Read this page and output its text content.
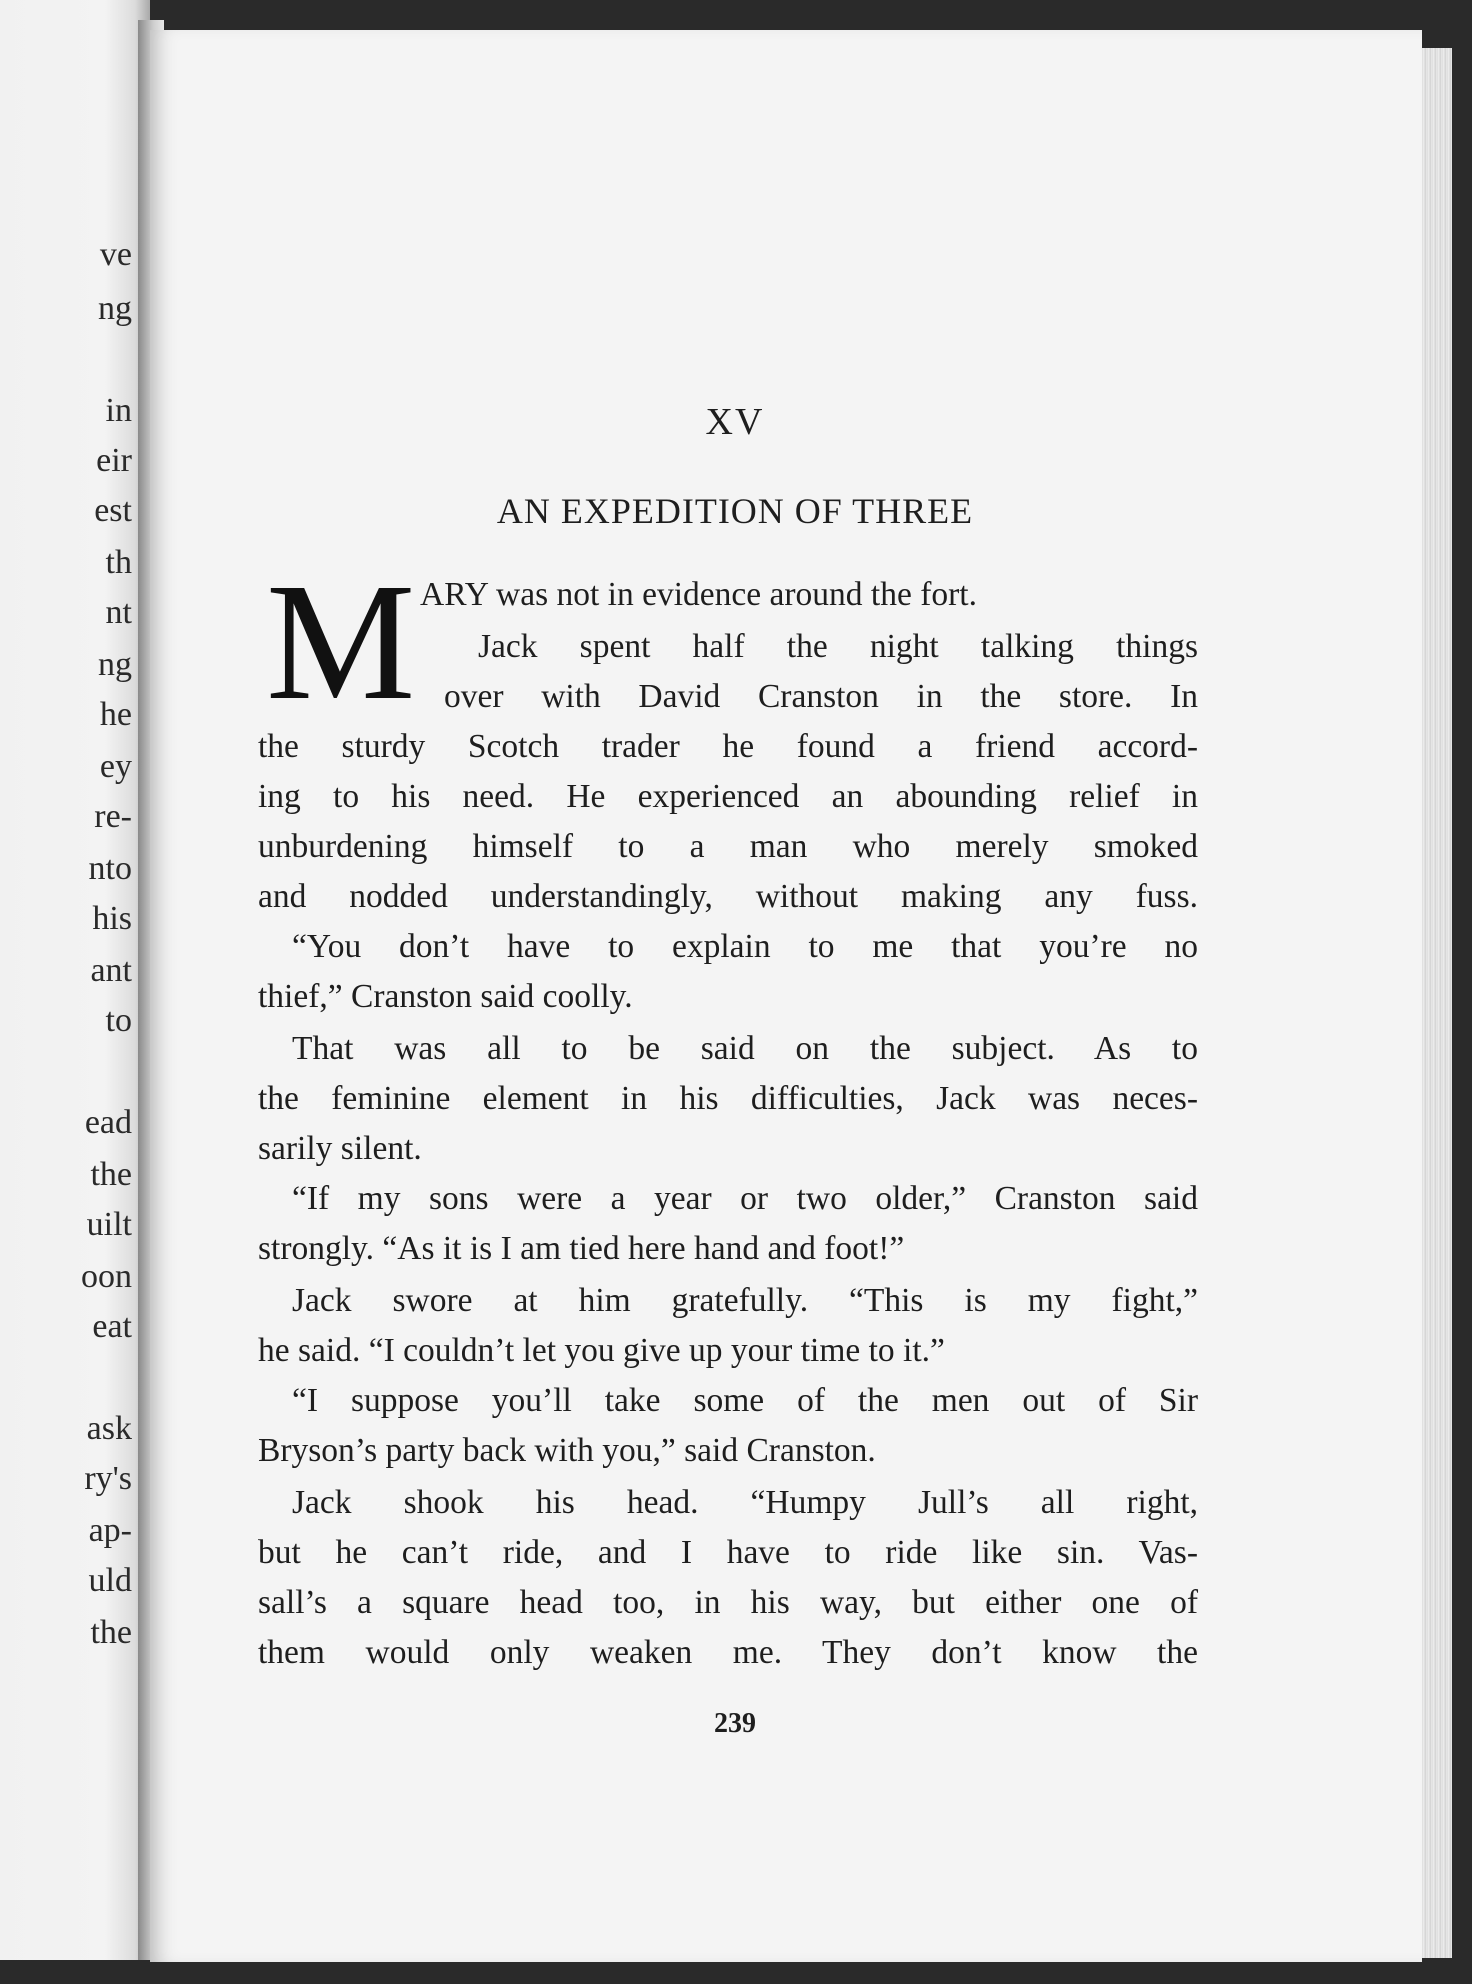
ve
ng
in
eir
est
th
nt
ng
he
ey
re-
nto
his
ant
to
ead
the
uilt
oon
eat
ask
ry's
ap-
uld
the
XV
AN EXPEDITION OF THREE
M ARY was not in evidence around the fort.
Jack spent half the night talking things
over with David Cranston in the store. In
the sturdy Scotch trader he found a friend accord-
ing to his need. He experienced an abounding relief in
unburdening himself to a man who merely smoked
and nodded understandingly, without making any fuss.
“You don’t have to explain to me that you’re no
thief,” Cranston said coolly.
That was all to be said on the subject. As to
the feminine element in his difficulties, Jack was neces-
sarily silent.
“If my sons were a year or two older,” Cranston said
strongly. “As it is I am tied here hand and foot!”
Jack swore at him gratefully. “This is my fight,”
he said. “I couldn’t let you give up your time to it.”
“I suppose you’ll take some of the men out of Sir
Bryson’s party back with you,” said Cranston.
Jack shook his head. “Humpy Jull’s all right,
but he can’t ride, and I have to ride like sin. Vas-
sall’s a square head too, in his way, but either one of
them would only weaken me. They don’t know the
239
